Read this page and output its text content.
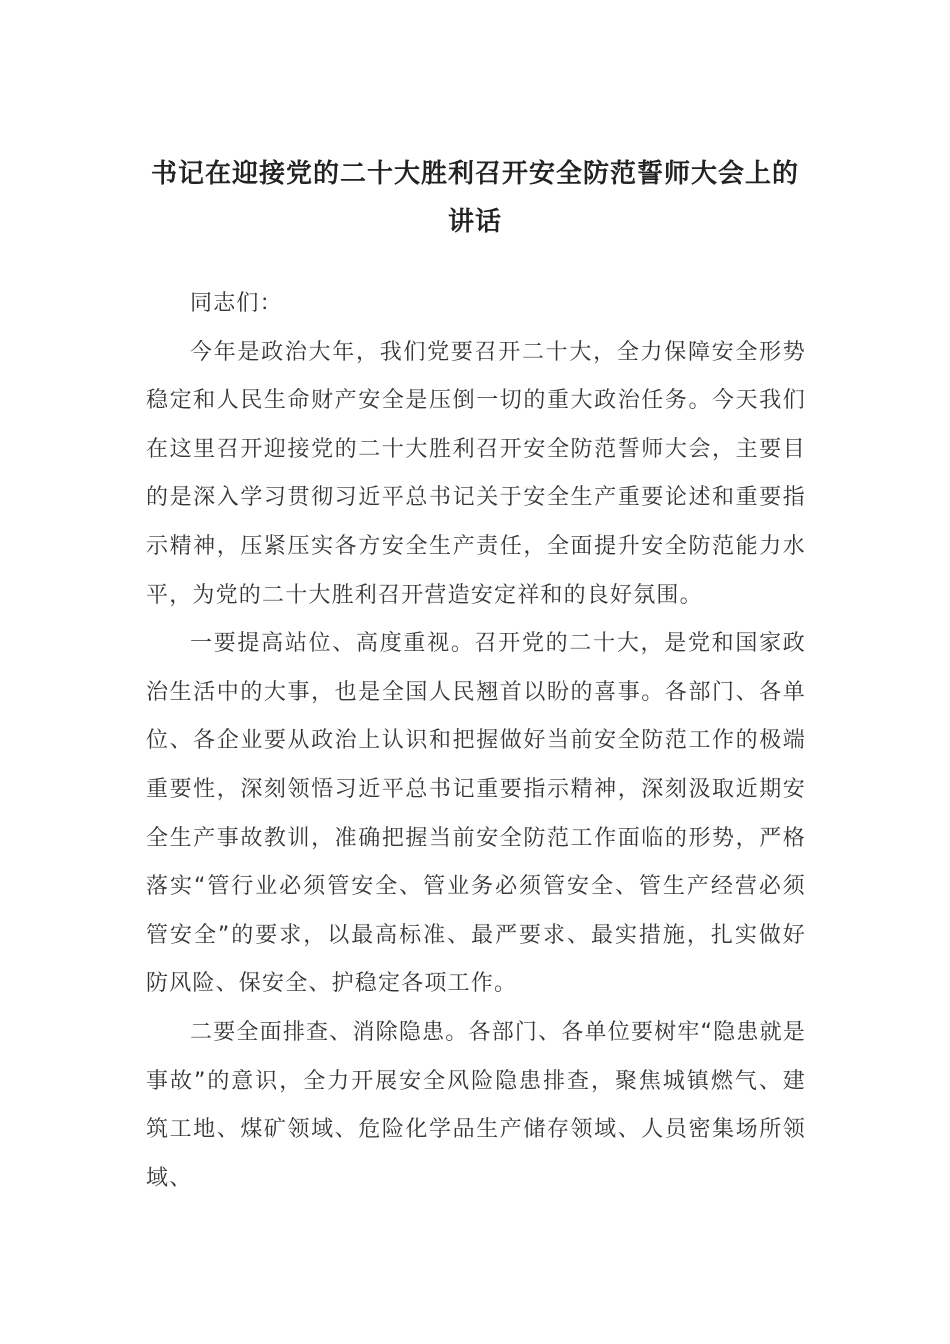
书记在迎接党的二十大胜利召开安全防范誓师大会上的讲话

同志们：

今年是政治大年，我们党要召开二十大，全力保障安全形势稳定和人民生命财产安全是压倒一切的重大政治任务。今天我们在这里召开迎接党的二十大胜利召开安全防范誓师大会，主要目的是深入学习贯彻习近平总书记关于安全生产重要论述和重要指示精神，压紧压实各方安全生产责任，全面提升安全防范能力水平，为党的二十大胜利召开营造安定祥和的良好氛围。

一要提高站位、高度重视。召开党的二十大，是党和国家政治生活中的大事，也是全国人民翘首以盼的喜事。各部门、各单位、各企业要从政治上认识和把握做好当前安全防范工作的极端重要性，深刻领悟习近平总书记重要指示精神，深刻汲取近期安全生产事故教训，准确把握当前安全防范工作面临的形势，严格落实“管行业必须管安全、管业务必须管安全、管生产经营必须管安全”的要求，以最高标准、最严要求、最实措施，扎实做好防风险、保安全、护稳定各项工作。

二要全面排查、消除隐患。各部门、各单位要树牢“隐患就是事故”的意识，全力开展安全风险隐患排查，聚焦城镇燃气、建筑工地、煤矿领域、危险化学品生产储存领域、人员密集场所领域、
